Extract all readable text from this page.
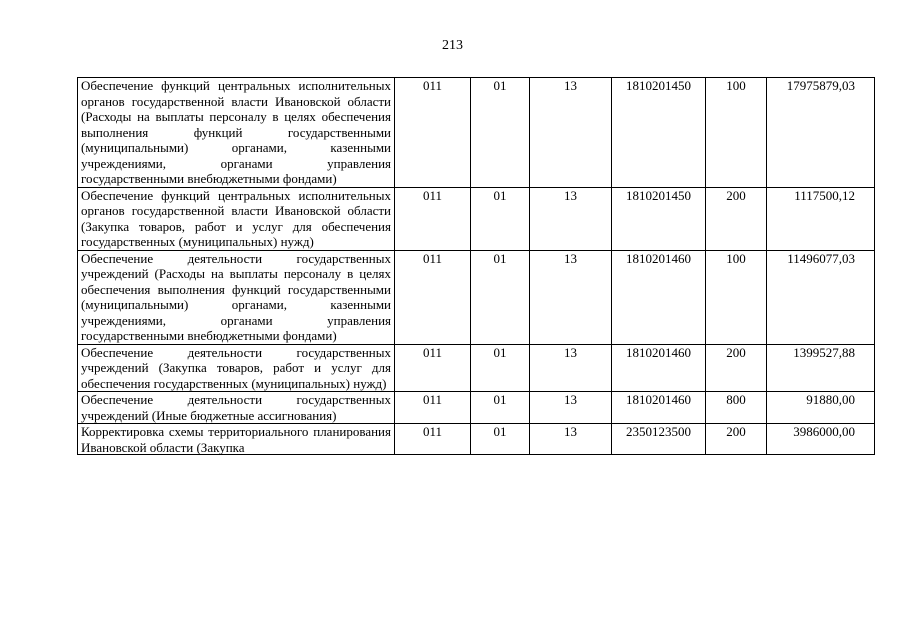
213
Обеспечение функций центральных исполнительных органов государственной власти Ивановской области (Расходы на выплаты персоналу в целях обеспечения выполнения функций государственными (муниципальными) органами, казенными учреждениями, органами управления государственными внебюджетными фондами)	011	01	13	1810201450	100	17975879,03
Обеспечение функций центральных исполнительных органов государственной власти Ивановской области (Закупка товаров, работ и услуг для обеспечения государственных (муниципальных) нужд)	011	01	13	1810201450	200	1117500,12
Обеспечение деятельности государственных учреждений (Расходы на выплаты персоналу в целях обеспечения выполнения функций государственными (муниципальными) органами, казенными учреждениями, органами управления государственными внебюджетными фондами)	011	01	13	1810201460	100	11496077,03
Обеспечение деятельности государственных учреждений (Закупка товаров, работ и услуг для обеспечения государственных (муниципальных) нужд)	011	01	13	1810201460	200	1399527,88
Обеспечение деятельности государственных учреждений (Иные бюджетные ассигнования)	011	01	13	1810201460	800	91880,00

Корректировка схемы территориального планирования Ивановской области (Закупка	011	01	13	2350123500	200	3986000,00
